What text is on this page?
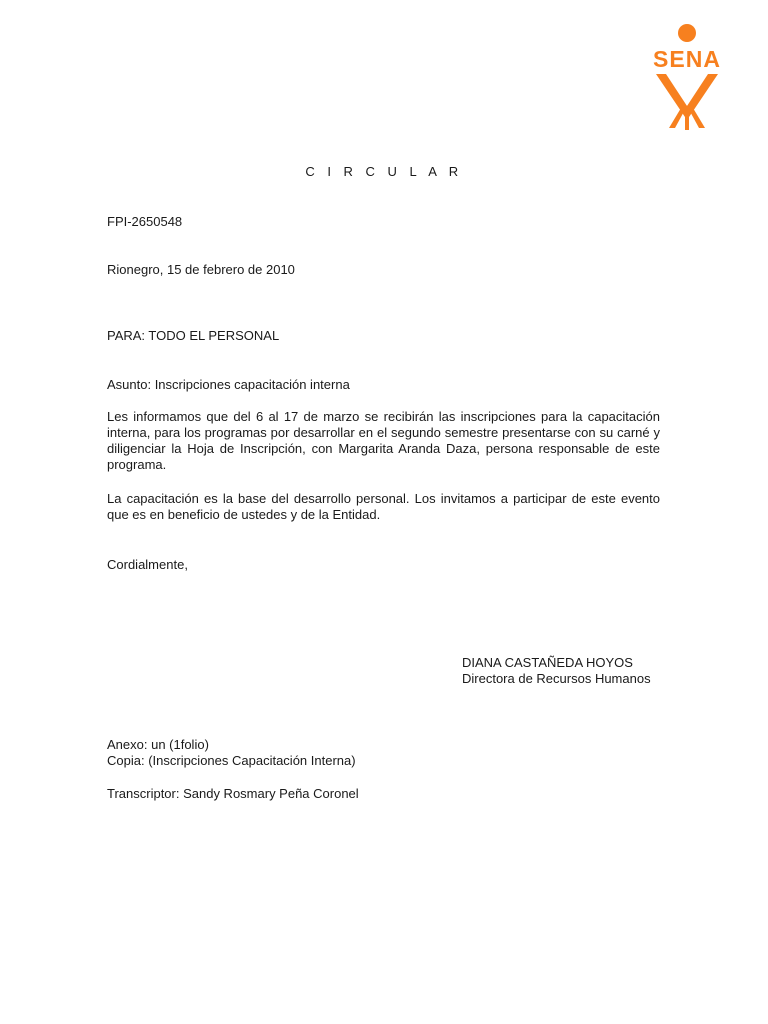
SENA

C I R C U L A R

FPI-2650548

Rionegro, 15 de febrero de 2010

PARA: TODO EL PERSONAL

Asunto: Inscripciones capacitación interna

Les informamos que del 6 al 17 de marzo se recibirán las inscripciones para la capacitación interna, para los programas por desarrollar en el segundo semestre presentarse con su carné y diligenciar la Hoja de Inscripción, con Margarita Aranda Daza, persona responsable de este programa.

La capacitación es la base del desarrollo personal. Los invitamos a participar de este evento que es en beneficio de ustedes y de la Entidad.

Cordialmente,

DIANA CASTAÑEDA HOYOS

Directora de Recursos Humanos

Anexo: un (1folio)

Copia: (Inscripciones Capacitación Interna)

Transcriptor: Sandy Rosmary Peña Coronel
